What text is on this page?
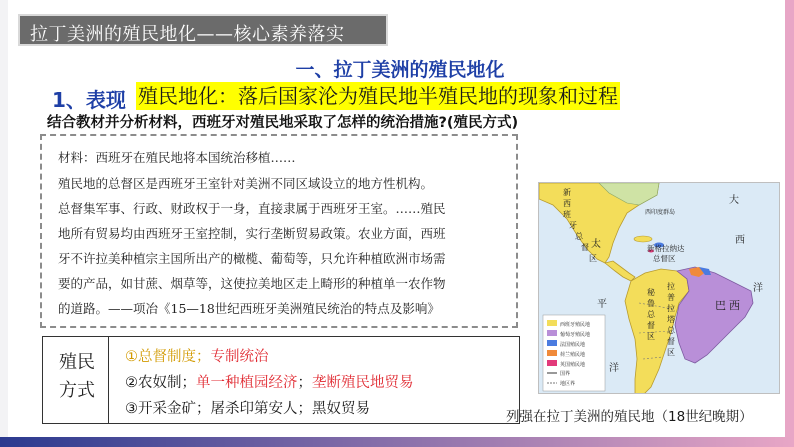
拉丁美洲的殖民地化——核心素养落实
一、拉丁美洲的殖民地化
1、表现 殖民地化：落后国家沦为殖民地半殖民地的现象和过程
结合教材并分析材料，西班牙对殖民地采取了怎样的统治措施?(殖民方式)
材料：西班牙在殖民地将本国统治移植……
殖民地的总督区是西班牙王室针对美洲不同区域设立的地方性机构。
总督集军事、行政、财政权于一身，直接隶属于西班牙王室。……殖民
地所有贸易均由西班牙王室控制，实行垄断贸易政策。农业方面，西班
牙不许拉美种植宗主国所出产的橄榄、葡萄等，只允许种植欧洲市场需
要的产品，如甘蔗、烟草等，这使拉美地区走上畸形的种植单一农作物
的道路。——项冶《15—18世纪西班牙美洲殖民统治的特点及影响》
殖民方式
①总督制度；专制统治
②农奴制；单一种植园经济；垄断殖民地贸易
③开采金矿；屠杀印第安人；黑奴贸易
新
西
班
牙
总
督
区
西印度群岛
大
西
洋
太
平
洋
新格拉纳达
总督区
巴 西
秘
鲁
总
督
区
拉
普
拉
塔
总
督
区
西班牙殖民地
葡萄牙殖民地
法国殖民地
荷兰殖民地
英国殖民地
国界
地区界
列强在拉丁美洲的殖民地（18世纪晚期）
